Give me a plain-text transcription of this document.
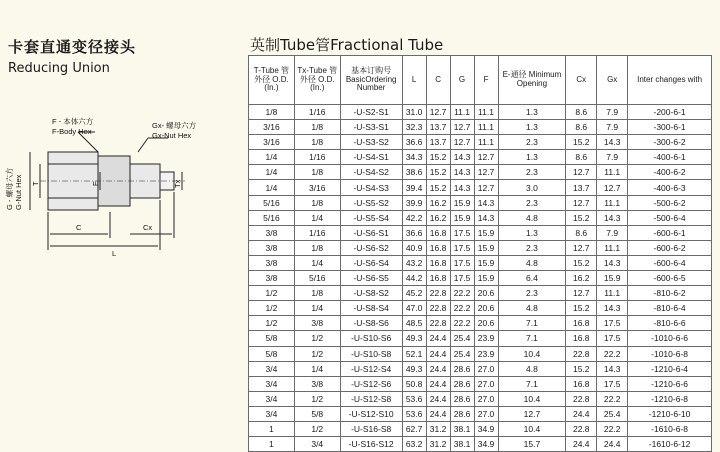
卡套直通变径接头
Reducing Union
F - 本体六方
F-Body Hex
Gx- 螺母六方
Gx-Nut Hex
G - 螺母六方 G-Nut Hex T	E	Tx
C	Cx
L
英制Tube管Fractional Tube
T-Tube 管外径 O.D. (In.)	Tx-Tube 管外径 O.D. (In.)	基本订购号 BasicOrdering Number	L	C	G	F	E-通径 Minimum Opening	Cx	Gx	Inter changes with
1/8	1/16	-U-S2-S1	31.0	12.7	11.1	11.1	1.3	8.6	7.9	-200-6-1
3/16	1/8	-U-S3-S1	32.3	13.7	12.7	11.1	1.3	8.6	7.9	-300-6-1
3/16	1/8	-U-S3-S2	36.6	13.7	12.7	11.1	2.3	15.2	14.3	-300-6-2
1/4	1/16	-U-S4-S1	34.3	15.2	14.3	12.7	1.3	8.6	7.9	-400-6-1
1/4	1/8	-U-S4-S2	38.6	15.2	14.3	12.7	2.3	12.7	11.1	-400-6-2
1/4	3/16	-U-S4-S3	39.4	15.2	14.3	12.7	3.0	13.7	12.7	-400-6-3
5/16	1/8	-U-S5-S2	39.9	16.2	15.9	14.3	2.3	12.7	11.1	-500-6-2
5/16	1/4	-U-S5-S4	42.2	16.2	15.9	14.3	4.8	15.2	14.3	-500-6-4
3/8	1/16	-U-S6-S1	36.6	16.8	17.5	15.9	1.3	8.6	7.9	-600-6-1
3/8	1/8	-U-S6-S2	40.9	16.8	17.5	15.9	2.3	12.7	11.1	-600-6-2
3/8	1/4	-U-S6-S4	43.2	16.8	17.5	15.9	4.8	15.2	14.3	-600-6-4
3/8	5/16	-U-S6-S5	44.2	16.8	17.5	15.9	6.4	16.2	15.9	-600-6-5
1/2	1/8	-U-S8-S2	45.2	22.8	22.2	20.6	2.3	12.7	11.1	-810-6-2
1/2	1/4	-U-S8-S4	47.0	22.8	22.2	20.6	4.8	15.2	14.3	-810-6-4
1/2	3/8	-U-S8-S6	48.5	22.8	22.2	20.6	7.1	16.8	17.5	-810-6-6
5/8	1/2	-U-S10-S6	49.3	24.4	25.4	23.9	7.1	16.8	17.5	-1010-6-6
5/8	1/2	-U-S10-S8	52.1	24.4	25.4	23.9	10.4	22.8	22.2	-1010-6-8
3/4	1/4	-U-S12-S4	49.3	24.4	28.6	27.0	4.8	15.2	14.3	-1210-6-4
3/4	3/8	-U-S12-S6	50.8	24.4	28.6	27.0	7.1	16.8	17.5	-1210-6-6
3/4	1/2	-U-S12-S8	53.6	24.4	28.6	27.0	10.4	22.8	22.2	-1210-6-8
3/4	5/8	-U-S12-S10	53.6	24.4	28.6	27.0	12.7	24.4	25.4	-1210-6-10
1	1/2	-U-S16-S8	62.7	31.2	38.1	34.9	10.4	22.8	22.2	-1610-6-8
1	3/4	-U-S16-S12	63.2	31.2	38.1	34.9	15.7	24.4	24.4	-1610-6-12
